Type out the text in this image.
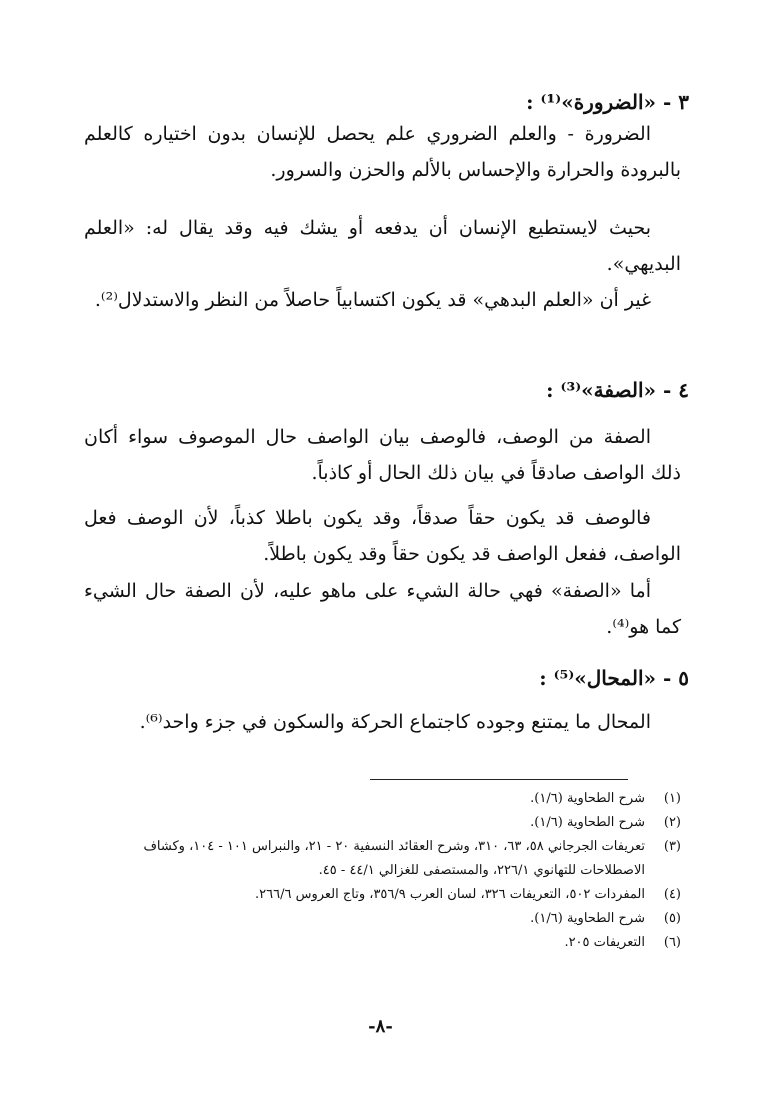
٣ - «الضرورة»⁽¹⁾ :

الضرورة - والعلم الضروري علم يحصل للإنسان بدون اختياره كالعلم بالبرودة والحرارة والإحساس بالألم والحزن والسرور.

بحيث لايستطيع الإنسان أن يدفعه أو يشك فيه وقد يقال له: «العلم البديهي».

غير أن «العلم البدهي» قد يكون اكتسابياً حاصلاً من النظر والاستدلال⁽²⁾.

٤ - «الصفة»⁽³⁾ :

الصفة من الوصف، فالوصف بيان الواصف حال الموصوف سواء أكان ذلك الواصف صادقاً في بيان ذلك الحال أو كاذباً.

فالوصف قد يكون حقاً صدقاً، وقد يكون باطلا كذباً، لأن الوصف فعل الواصف، ففعل الواصف قد يكون حقاً وقد يكون باطلاً.

أما «الصفة» فهي حالة الشيء على ماهو عليه، لأن الصفة حال الشيء كما هو⁽⁴⁾.

٥ - «المحال»⁽⁵⁾ :

المحال ما يمتنع وجوده كاجتماع الحركة والسكون في جزء واحد⁽⁶⁾.

(١)
شرح الطحاوية (١/٦).
(٢)
شرح الطحاوية (١/٦).
(٣)
تعريفات الجرجاني ٥٨، ٦٣، ٣١٠، وشرح العقائد النسفية ٢٠ - ٢١، والنبراس ١٠١ - ١٠٤، وكشاف الاصطلاحات للتهانوي ٢٢٦/١، والمستصفى للغزالي ٤٤/١ - ٤٥.
(٤)
المفردات ٥٠٢، التعريفات ٣٢٦، لسان العرب ٣٥٦/٩، وتاج العروس ٢٦٦/٦.
(٥)
شرح الطحاوية (١/٦).
(٦)
التعريفات ٢٠٥.
-٨-
